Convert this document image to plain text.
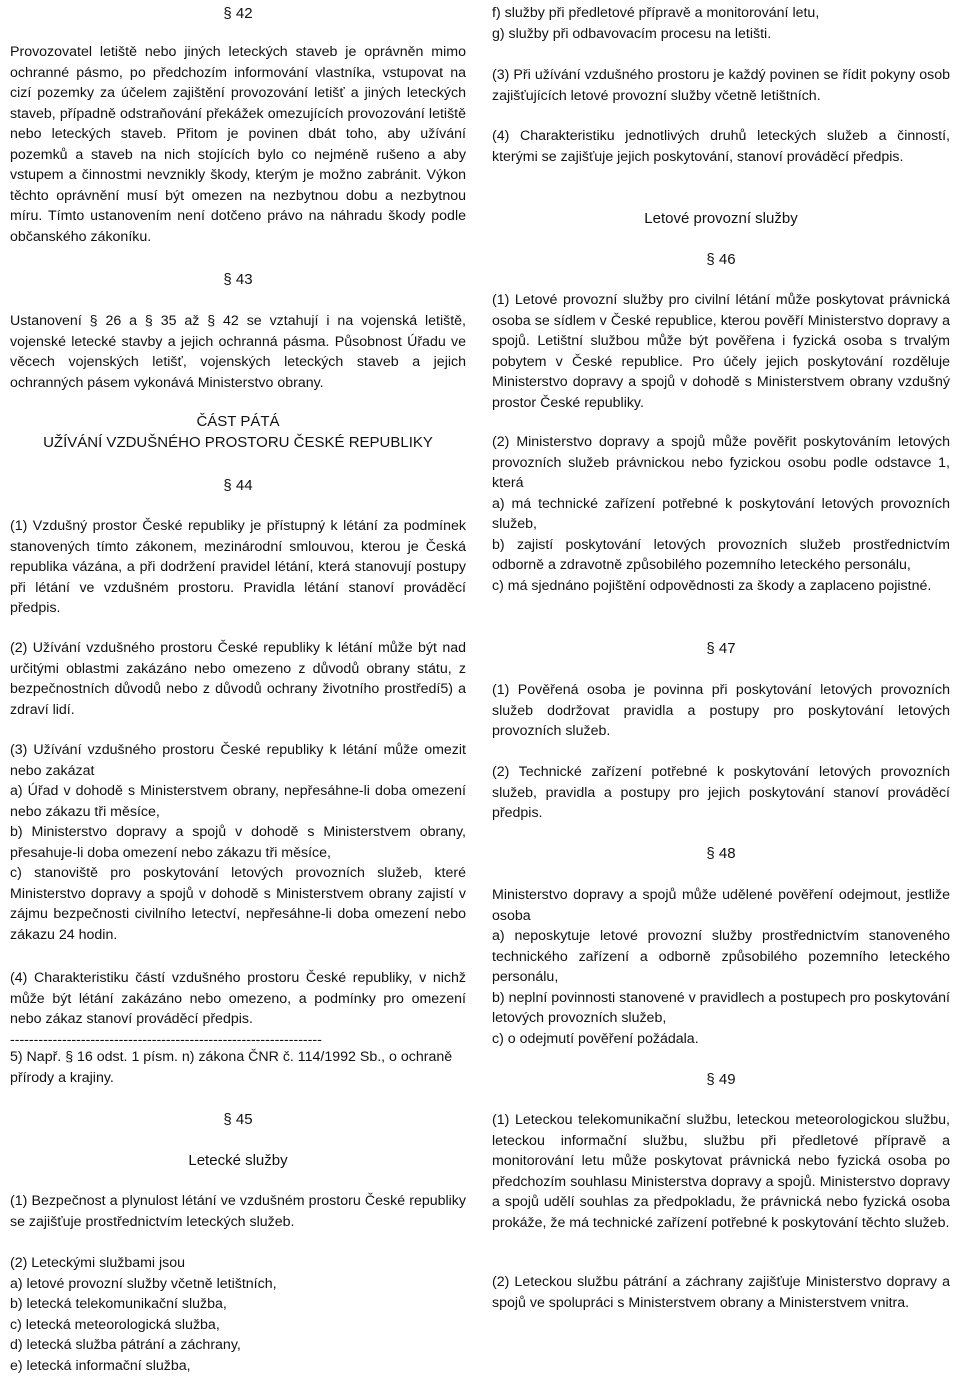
§ 42

Provozovatel letiště nebo jiných leteckých staveb je oprávněn mimo ochranné pásmo, po předchozím informování vlastníka, vstupovat na cizí pozemky za účelem zajištění provozování letišť a jiných leteckých staveb, případně odstraňování překážek omezujících provozování letiště nebo leteckých staveb. Přitom je povinen dbát toho, aby užívání pozemků a staveb na nich stojících bylo co nejméně rušeno a aby vstupem a činnostmi nevznikly škody, kterým je možno zabránit. Výkon těchto oprávnění musí být omezen na nezbytnou dobu a nezbytnou míru. Tímto ustanovením není dotčeno právo na náhradu škody podle občanského zákoníku.

§ 43

Ustanovení § 26 a § 35 až § 42 se vztahují i na vojenská letiště, vojenské letecké stavby a jejich ochranná pásma. Působnost Úřadu ve věcech vojenských letišť, vojenských leteckých staveb a jejich ochranných pásem vykonává Ministerstvo obrany.

ČÁST PÁTÁ

UŽÍVÁNÍ VZDUŠNÉHO PROSTORU ČESKÉ REPUBLIKY

§ 44

(1) Vzdušný prostor České republiky je přístupný k létání za podmínek stanovených tímto zákonem, mezinárodní smlouvou, kterou je Česká republika vázána, a při dodržení pravidel létání, která stanovují postupy při létání ve vzdušném prostoru. Pravidla létání stanoví prováděcí předpis.

(2) Užívání vzdušného prostoru České republiky k létání může být nad určitými oblastmi zakázáno nebo omezeno z důvodů obrany státu, z bezpečnostních důvodů nebo z důvodů ochrany životního prostředí5) a zdraví lidí.

(3) Užívání vzdušného prostoru České republiky k létání může omezit nebo zakázat
a) Úřad v dohodě s Ministerstvem obrany, nepřesáhne-li doba omezení nebo zákazu tři měsíce,
b) Ministerstvo dopravy a spojů v dohodě s Ministerstvem obrany, přesahuje-li doba omezení nebo zákazu tři měsíce,
c) stanoviště pro poskytování letových provozních služeb, které Ministerstvo dopravy a spojů v dohodě s Ministerstvem obrany zajistí v zájmu bezpečnosti civilního letectví, nepřesáhne-li doba omezení nebo zákazu 24 hodin.

(4) Charakteristiku částí vzdušného prostoru České republiky, v nichž může být létání zakázáno nebo omezeno, a podmínky pro omezení nebo zákaz stanoví prováděcí předpis.

------------------------------------------------------------------

5) Např. § 16 odst. 1 písm. n) zákona ČNR č. 114/1992 Sb., o ochraně přírody a krajiny.

§ 45

Letecké služby

(1) Bezpečnost a plynulost létání ve vzdušném prostoru České republiky se zajišťuje prostřednictvím leteckých služeb.

(2) Leteckými službami jsou
a) letové provozní služby včetně letištních,
b) letecká telekomunikační služba,
c) letecká meteorologická služba,
d) letecká služba pátrání a záchrany,
e) letecká informační služba,
f) služby při předletové přípravě a monitorování letu,
g) služby při odbavovacím procesu na letišti.

(3) Při užívání vzdušného prostoru je každý povinen se řídit pokyny osob zajišťujících letové provozní služby včetně letištních.

(4) Charakteristiku jednotlivých druhů leteckých služeb a činností, kterými se zajišťuje jejich poskytování, stanoví prováděcí předpis.

Letové provozní služby

§ 46

(1) Letové provozní služby pro civilní létání může poskytovat právnická osoba se sídlem v České republice, kterou pověří Ministerstvo dopravy a spojů. Letištní službou může být pověřena i fyzická osoba s trvalým pobytem v České republice. Pro účely jejich poskytování rozděluje Ministerstvo dopravy a spojů v dohodě s Ministerstvem obrany vzdušný prostor České republiky.

(2) Ministerstvo dopravy a spojů může pověřit poskytováním letových provozních služeb právnickou nebo fyzickou osobu podle odstavce 1, která
a) má technické zařízení potřebné k poskytování letových provozních služeb,
b) zajistí poskytování letových provozních služeb prostřednictvím odborně a zdravotně způsobilého pozemního leteckého personálu,
c) má sjednáno pojištění odpovědnosti za škody a zaplaceno pojistné.

§ 47

(1) Pověřená osoba je povinna při poskytování letových provozních služeb dodržovat pravidla a postupy pro poskytování letových provozních služeb.

(2) Technické zařízení potřebné k poskytování letových provozních služeb, pravidla a postupy pro jejich poskytování stanoví prováděcí předpis.

§ 48

Ministerstvo dopravy a spojů může udělené pověření odejmout, jestliže osoba
a) neposkytuje letové provozní služby prostřednictvím stanoveného technického zařízení a odborně způsobilého pozemního leteckého personálu,
b) neplní povinnosti stanovené v pravidlech a postupech pro poskytování letových provozních služeb,
c) o odejmutí pověření požádala.

§ 49

(1) Leteckou telekomunikační službu, leteckou meteorologickou službu, leteckou informační službu, službu při předletové přípravě a monitorování letu může poskytovat právnická nebo fyzická osoba po předchozím souhlasu Ministerstva dopravy a spojů. Ministerstvo dopravy a spojů udělí souhlas za předpokladu, že právnická nebo fyzická osoba prokáže, že má technické zařízení potřebné k poskytování těchto služeb.

(2) Leteckou službu pátrání a záchrany zajišťuje Ministerstvo dopravy a spojů ve spolupráci s Ministerstvem obrany a Ministerstvem vnitra.
